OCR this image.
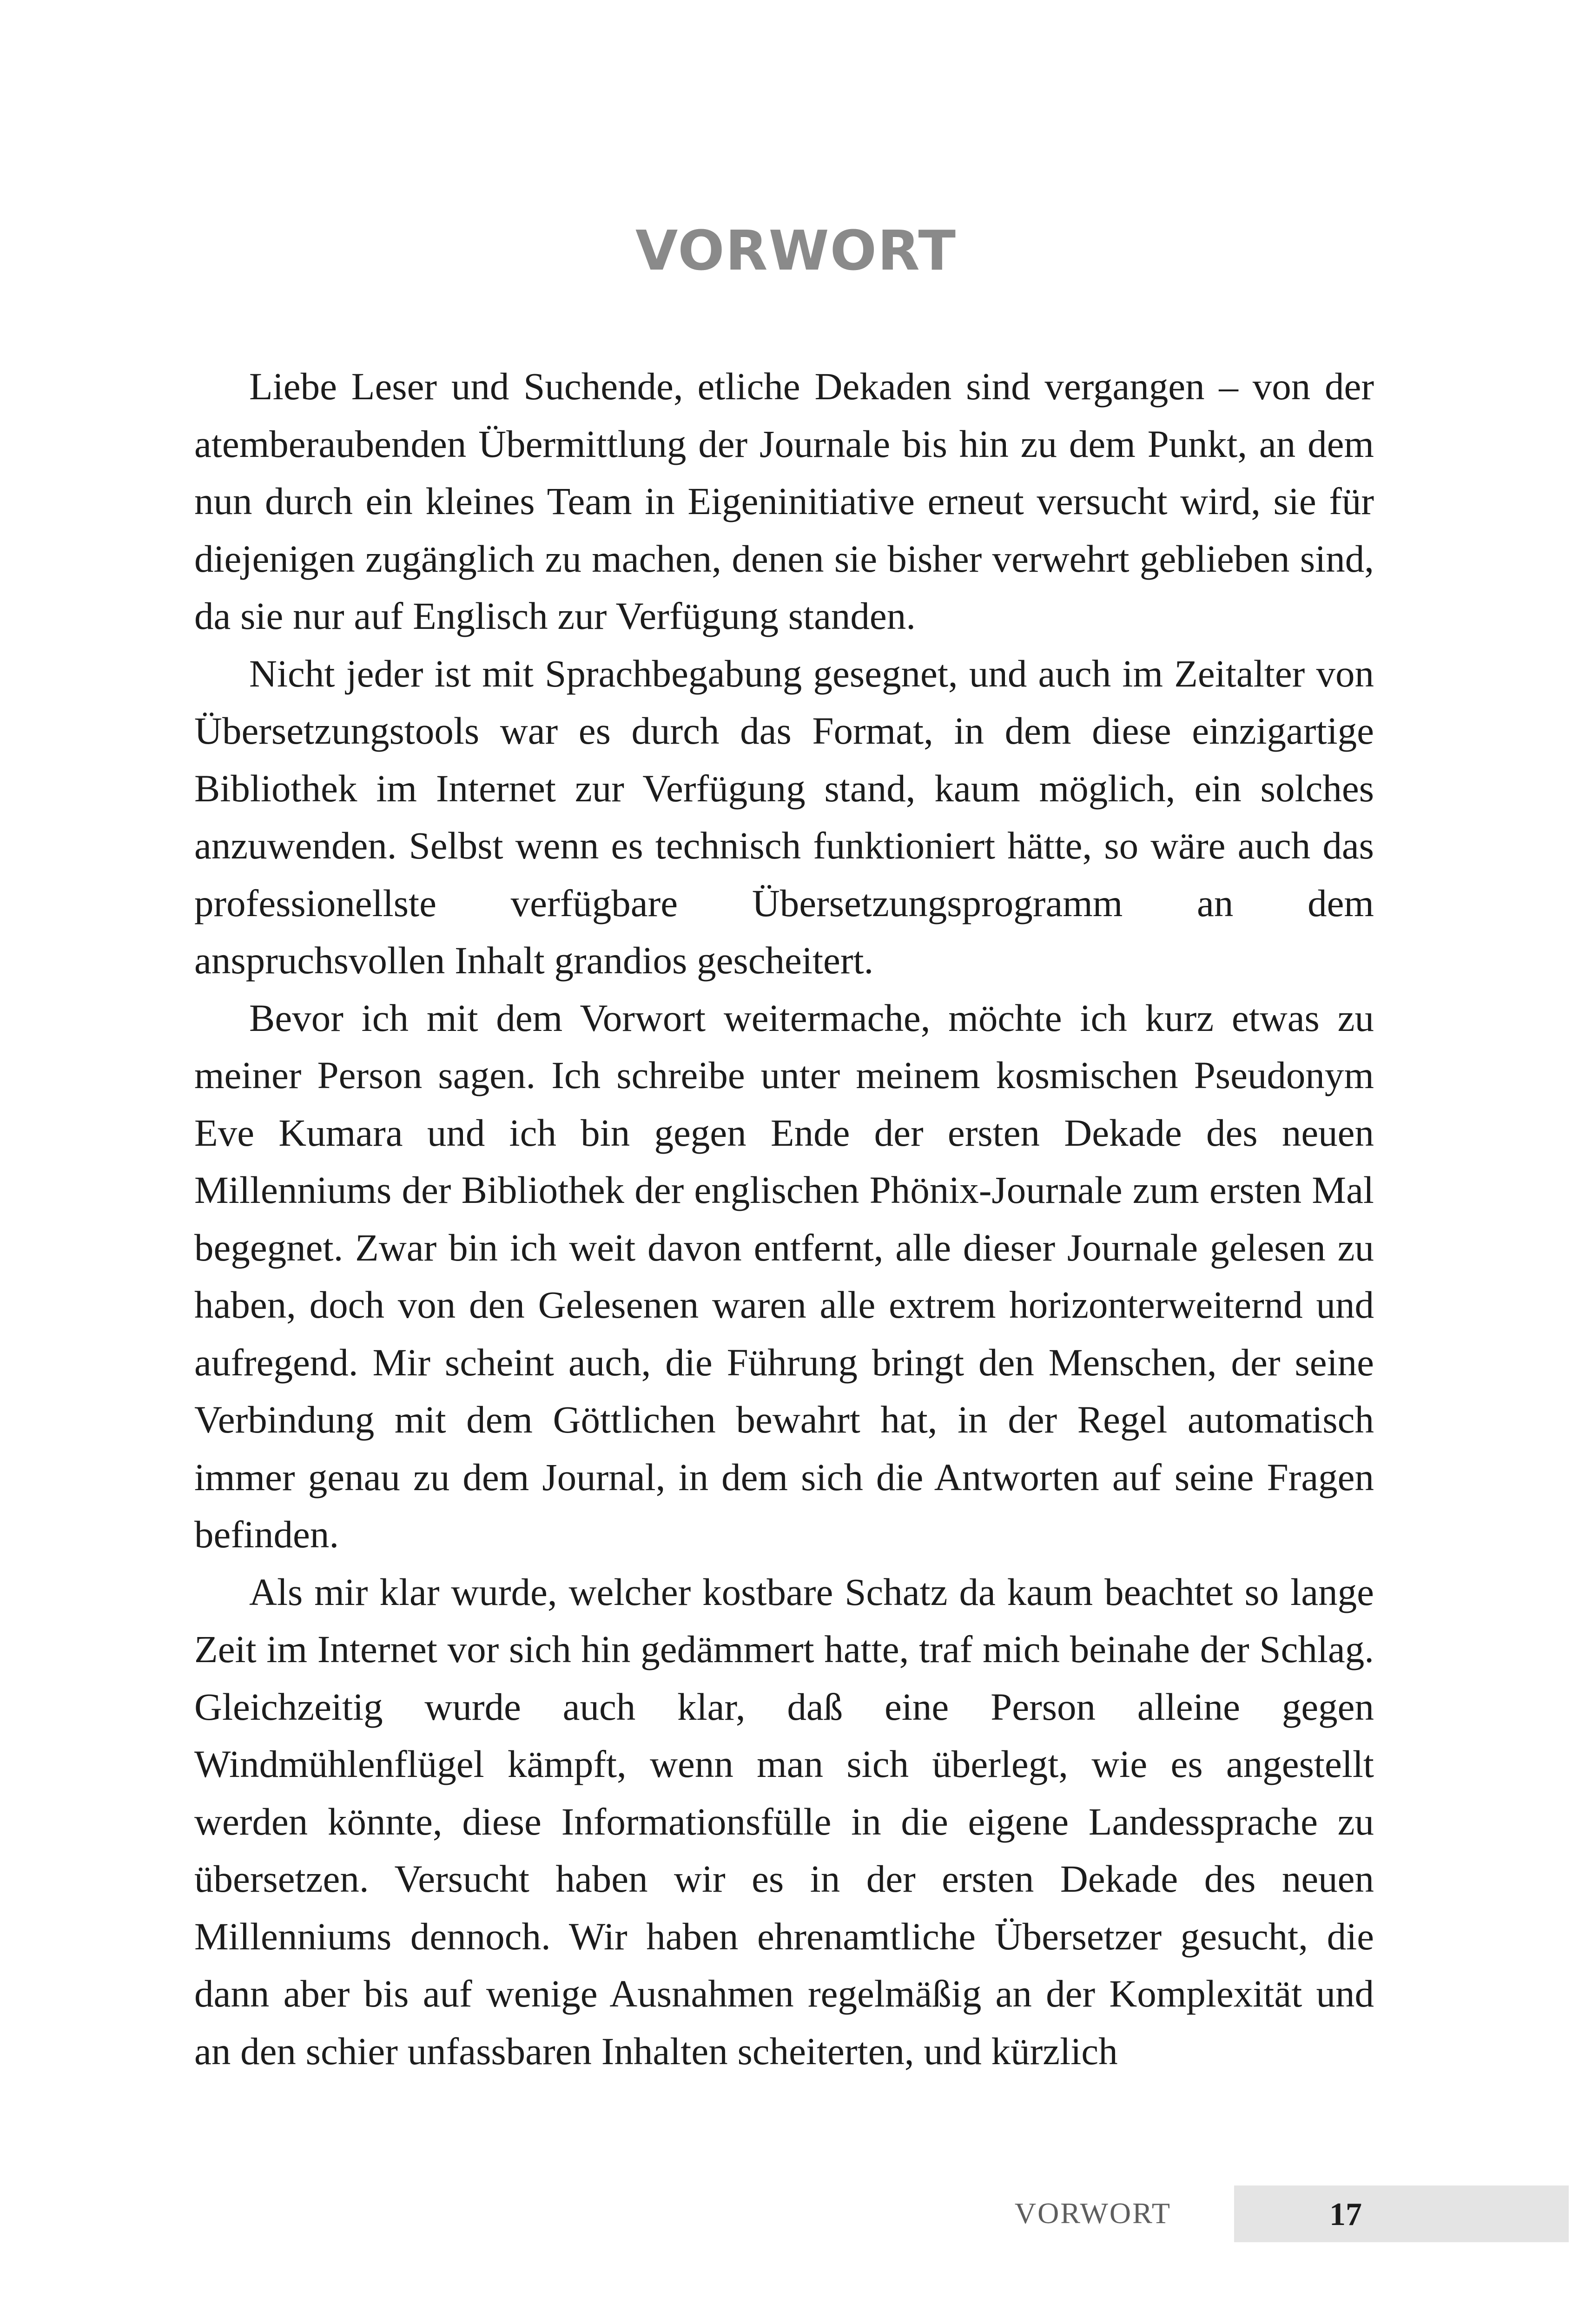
VORWORT

Liebe Leser und Suchende, etliche Dekaden sind vergangen – von der atemberaubenden Übermittlung der Journale bis hin zu dem Punkt, an dem nun durch ein kleines Team in Eigeninitiative erneut versucht wird, sie für diejenigen zugänglich zu machen, denen sie bisher verwehrt geblieben sind, da sie nur auf Englisch zur Verfügung standen.

Nicht jeder ist mit Sprachbegabung gesegnet, und auch im Zeitalter von Übersetzungstools war es durch das Format, in dem diese einzigartige Bibliothek im Internet zur Verfügung stand, kaum möglich, ein solches anzuwenden. Selbst wenn es technisch funktioniert hätte, so wäre auch das professionellste verfügbare Übersetzungsprogramm an dem anspruchsvollen Inhalt grandios gescheitert.

Bevor ich mit dem Vorwort weitermache, möchte ich kurz etwas zu meiner Person sagen. Ich schreibe unter meinem kosmischen Pseudonym Eve Kumara und ich bin gegen Ende der ersten Dekade des neuen Millenniums der Bibliothek der englischen Phönix-Journale zum ersten Mal begegnet. Zwar bin ich weit davon entfernt, alle dieser Journale gelesen zu haben, doch von den Gelesenen waren alle extrem horizonterweiternd und aufregend. Mir scheint auch, die Führung bringt den Menschen, der seine Verbindung mit dem Göttlichen bewahrt hat, in der Regel automatisch immer genau zu dem Journal, in dem sich die Antworten auf seine Fragen befinden.

Als mir klar wurde, welcher kostbare Schatz da kaum beachtet so lange Zeit im Internet vor sich hin gedämmert hatte, traf mich beinahe der Schlag. Gleichzeitig wurde auch klar, daß eine Person alleine gegen Windmühlenflügel kämpft, wenn man sich überlegt, wie es angestellt werden könnte, diese Informationsfülle in die eigene Landessprache zu übersetzen. Versucht haben wir es in der ersten Dekade des neuen Millenniums dennoch. Wir haben ehrenamtliche Übersetzer gesucht, die dann aber bis auf wenige Ausnahmen regelmäßig an der Komplexität und an den schier unfassbaren Inhalten scheiterten, und kürzlich

VORWORT	17
